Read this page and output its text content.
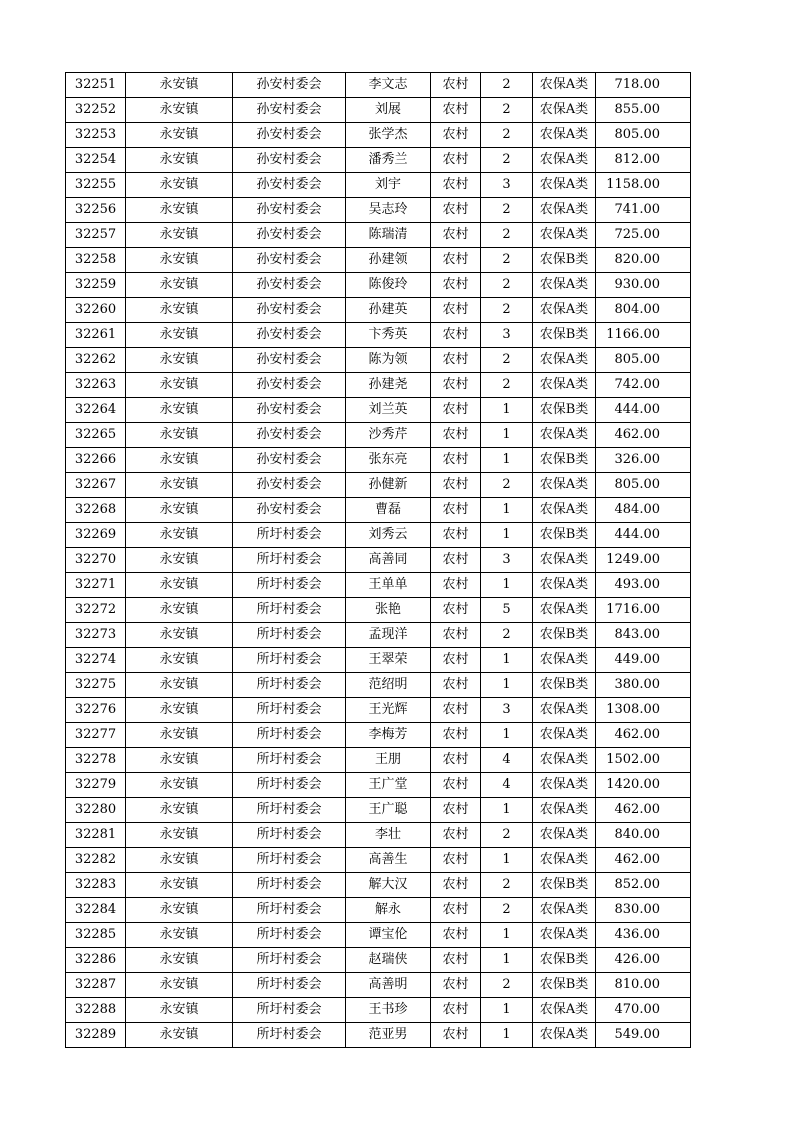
32251	永安镇	孙安村委会	李文志	农村	2	农保A类	718.00
32252	永安镇	孙安村委会	刘展	农村	2	农保A类	855.00
32253	永安镇	孙安村委会	张学杰	农村	2	农保A类	805.00
32254	永安镇	孙安村委会	潘秀兰	农村	2	农保A类	812.00
32255	永安镇	孙安村委会	刘宇	农村	3	农保A类	1158.00
32256	永安镇	孙安村委会	吴志玲	农村	2	农保A类	741.00
32257	永安镇	孙安村委会	陈瑞清	农村	2	农保A类	725.00
32258	永安镇	孙安村委会	孙建领	农村	2	农保B类	820.00
32259	永安镇	孙安村委会	陈俊玲	农村	2	农保A类	930.00
32260	永安镇	孙安村委会	孙建英	农村	2	农保A类	804.00
32261	永安镇	孙安村委会	卞秀英	农村	3	农保B类	1166.00
32262	永安镇	孙安村委会	陈为领	农村	2	农保A类	805.00
32263	永安镇	孙安村委会	孙建尧	农村	2	农保A类	742.00
32264	永安镇	孙安村委会	刘兰英	农村	1	农保B类	444.00
32265	永安镇	孙安村委会	沙秀芹	农村	1	农保A类	462.00
32266	永安镇	孙安村委会	张东亮	农村	1	农保B类	326.00
32267	永安镇	孙安村委会	孙健新	农村	2	农保A类	805.00
32268	永安镇	孙安村委会	曹磊	农村	1	农保A类	484.00
32269	永安镇	所圩村委会	刘秀云	农村	1	农保B类	444.00
32270	永安镇	所圩村委会	高善同	农村	3	农保A类	1249.00
32271	永安镇	所圩村委会	王单单	农村	1	农保A类	493.00
32272	永安镇	所圩村委会	张艳	农村	5	农保A类	1716.00
32273	永安镇	所圩村委会	孟现洋	农村	2	农保B类	843.00
32274	永安镇	所圩村委会	王翠荣	农村	1	农保A类	449.00
32275	永安镇	所圩村委会	范绍明	农村	1	农保B类	380.00
32276	永安镇	所圩村委会	王光辉	农村	3	农保A类	1308.00
32277	永安镇	所圩村委会	李梅芳	农村	1	农保A类	462.00
32278	永安镇	所圩村委会	王朋	农村	4	农保A类	1502.00
32279	永安镇	所圩村委会	王广堂	农村	4	农保A类	1420.00
32280	永安镇	所圩村委会	王广聪	农村	1	农保A类	462.00
32281	永安镇	所圩村委会	李壮	农村	2	农保A类	840.00
32282	永安镇	所圩村委会	高善生	农村	1	农保A类	462.00
32283	永安镇	所圩村委会	解大汉	农村	2	农保B类	852.00
32284	永安镇	所圩村委会	解永	农村	2	农保A类	830.00
32285	永安镇	所圩村委会	谭宝伦	农村	1	农保A类	436.00
32286	永安镇	所圩村委会	赵瑞侠	农村	1	农保B类	426.00
32287	永安镇	所圩村委会	高善明	农村	2	农保B类	810.00
32288	永安镇	所圩村委会	王书珍	农村	1	农保A类	470.00
32289	永安镇	所圩村委会	范亚男	农村	1	农保A类	549.00
